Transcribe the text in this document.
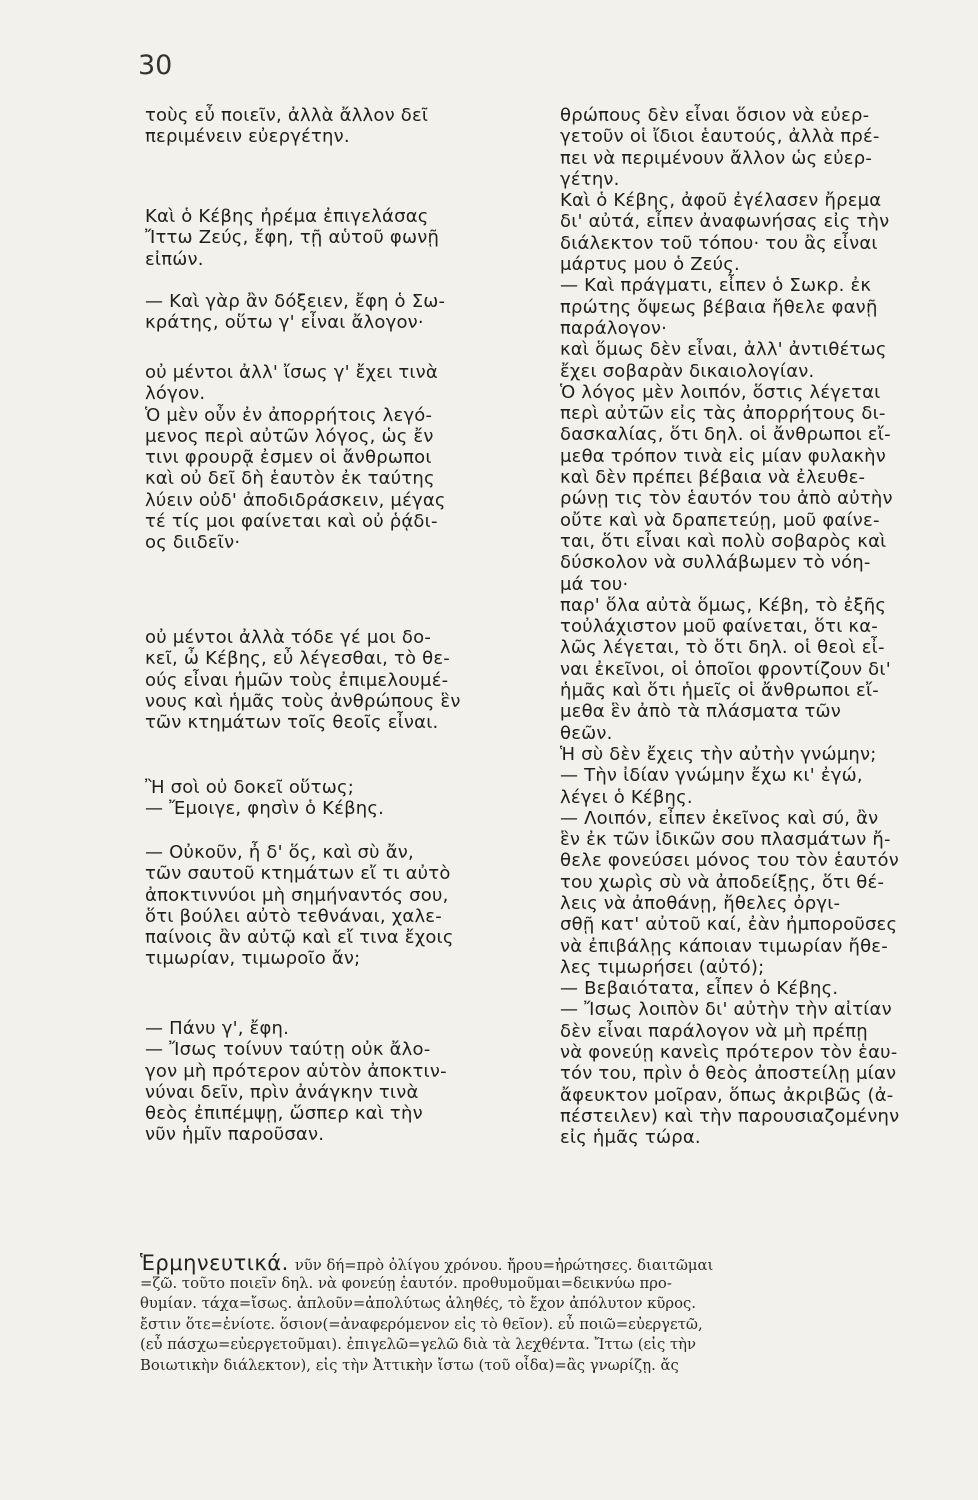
30
τοὺς εὖ ποιεῖν, ἀλλὰ ἄλλον δεῖ
περιμένειν εὐεργέτην.
Καὶ ὁ Κέβης ἠρέμα ἐπιγελάσας
Ἴττω Ζεύς, ἔφη, τῇ αὑτοῦ φωνῇ
εἰπών.
— Καὶ γὰρ ἂν δόξειεν, ἔφη ὁ Σω-
κράτης, οὕτω γ' εἶναι ἄλογον·
οὐ μέντοι ἀλλ' ἴσως γ' ἔχει τινὰ
λόγον.
Ὁ μὲν οὖν ἐν ἀπορρήτοις λεγό-
μενος περὶ αὐτῶν λόγος, ὡς ἔν
τινι φρουρᾷ ἐσμεν οἱ ἄνθρωποι
καὶ οὐ δεῖ δὴ ἑαυτὸν ἐκ ταύτης
λύειν οὐδ' ἀποδιδράσκειν, μέγας
τέ τίς μοι φαίνεται καὶ οὐ ῥᾴδι-
ος διιδεῖν·
οὐ μέντοι ἀλλὰ τόδε γέ μοι δο-
κεῖ, ὦ Κέβης, εὖ λέγεσθαι, τὸ θε-
ούς εἶναι ἡμῶν τοὺς ἐπιμελουμέ-
νους καὶ ἡμᾶς τοὺς ἀνθρώπους ἓν
τῶν κτημάτων τοῖς θεοῖς εἶναι.
Ἢ σοὶ οὐ δοκεῖ οὕτως;
— Ἔμοιγε, φησὶν ὁ Κέβης.
— Οὐκοῦν, ἦ δ' ὅς, καὶ σὺ ἄν,
τῶν σαυτοῦ κτημάτων εἴ τι αὐτὸ
ἀποκτιννύοι μὴ σημήναντός σου,
ὅτι βούλει αὐτὸ τεθνάναι, χαλε-
παίνοις ἂν αὐτῷ καὶ εἴ τινα ἔχοις
τιμωρίαν, τιμωροῖο ἄν;
— Πάνυ γ', ἔφη.
— Ἴσως τοίνυν ταύτῃ οὐκ ἄλο-
γον μὴ πρότερον αὑτὸν ἀποκτιν-
νύναι δεῖν, πρὶν ἀνάγκην τινὰ
θεὸς ἐπιπέμψῃ, ὥσπερ καὶ τὴν
νῦν ἡμῖν παροῦσαν.
θρώπους δὲν εἶναι ὅσιον νὰ εὐερ-
γετοῦν οἱ ἴδιοι ἑαυτούς, ἀλλὰ πρέ-
πει νὰ περιμένουν ἄλλον ὡς εὐερ-
γέτην.
Καὶ ὁ Κέβης, ἀφοῦ ἐγέλασεν ἤρεμα
δι' αὐτά, εἶπεν ἀναφωνήσας εἰς τὴν
διάλεκτον τοῦ τόπου· του ἂς εἶναι
μάρτυς μου ὁ Ζεύς.
— Καὶ πράγματι, εἶπεν ὁ Σωκρ. ἐκ
πρώτης ὄψεως βέβαια ἤθελε φανῇ
παράλογον·
καὶ ὅμως δὲν εἶναι, ἀλλ' ἀντιθέτως
ἔχει σοβαρὰν δικαιολογίαν.
Ὁ λόγος μὲν λοιπόν, ὅστις λέγεται
περὶ αὐτῶν εἰς τὰς ἀπορρήτους δι-
δασκαλίας, ὅτι δηλ. οἱ ἄνθρωποι εἴ-
μεθα τρόπον τινὰ εἰς μίαν φυλακὴν
καὶ δὲν πρέπει βέβαια νὰ ἐλευθε-
ρώνῃ τις τὸν ἑαυτόν του ἀπὸ αὐτὴν
οὔτε καὶ νὰ δραπετεύῃ, μοῦ φαίνε-
ται, ὅτι εἶναι καὶ πολὺ σοβαρὸς καὶ
δύσκολον νὰ συλλάβωμεν τὸ νόη-
μά του·
παρ' ὅλα αὐτὰ ὅμως, Κέβη, τὸ ἐξῆς
τοὐλάχιστον μοῦ φαίνεται, ὅτι κα-
λῶς λέγεται, τὸ ὅτι δηλ. οἱ θεοὶ εἶ-
ναι ἐκεῖνοι, οἱ ὁποῖοι φροντίζουν δι'
ἡμᾶς καὶ ὅτι ἡμεῖς οἱ ἄνθρωποι εἴ-
μεθα ἓν ἀπὸ τὰ πλάσματα τῶν
θεῶν.
Ἡ σὺ δὲν ἔχεις τὴν αὐτὴν γνώμην;
— Τὴν ἰδίαν γνώμην ἔχω κι' ἐγώ,
λέγει ὁ Κέβης.
— Λοιπόν, εἶπεν ἐκεῖνος καὶ σύ, ἂν
ἓν ἐκ τῶν ἰδικῶν σου πλασμάτων ἤ-
θελε φονεύσει μόνος του τὸν ἑαυτόν
του χωρὶς σὺ νὰ ἀποδείξῃς, ὅτι θέ-
λεις νὰ ἀποθάνῃ, ἤθελες ὀργι-
σθῇ κατ' αὐτοῦ καί, ἐὰν ἠμποροῦσες
νὰ ἐπιβάλῃς κάποιαν τιμωρίαν ἤθε-
λες τιμωρήσει (αὐτό);
— Βεβαιότατα, εἶπεν ὁ Κέβης.
— Ἴσως λοιπὸν δι' αὐτὴν τὴν αἰτίαν
δὲν εἶναι παράλογον νὰ μὴ πρέπῃ
νὰ φονεύῃ κανεὶς πρότερον τὸν ἑαυ-
τόν του, πρὶν ὁ θεὸς ἀποστείλῃ μίαν
ἄφευκτον μοῖραν, ὅπως ἀκριβῶς (ἀ-
πέστειλεν) καὶ τὴν παρουσιαζομένην
εἰς ἡμᾶς τώρα.
Ἑρμηνευτικά. νῦν δή=πρὸ ὀλίγου χρόνου. ἤρου=ἠρώτησες. διαιτῶμαι
=ζῶ. τοῦτο ποιεῖν δηλ. νὰ φονεύῃ ἑαυτόν. προθυμοῦμαι=δεικνύω προ-
θυμίαν. τάχα=ἴσως. ἁπλοῦν=ἀπολύτως ἀληθές, τὸ ἔχον ἀπόλυτον κῦρος.
ἔστιν ὅτε=ἐνίοτε. ὅσιον(=ἀναφερόμενον εἰς τὸ θεῖον). εὖ ποιῶ=εὐεργετῶ,
(εὖ πάσχω=εὐεργετοῦμαι). ἐπιγελῶ=γελῶ διὰ τὰ λεχθέντα. Ἴττω (εἰς τὴν
Βοιωτικὴν διάλεκτον), εἰς τὴν Ἀττικὴν ἴστω (τοῦ οἶδα)=ἂς γνωρίζῃ. ἄς
